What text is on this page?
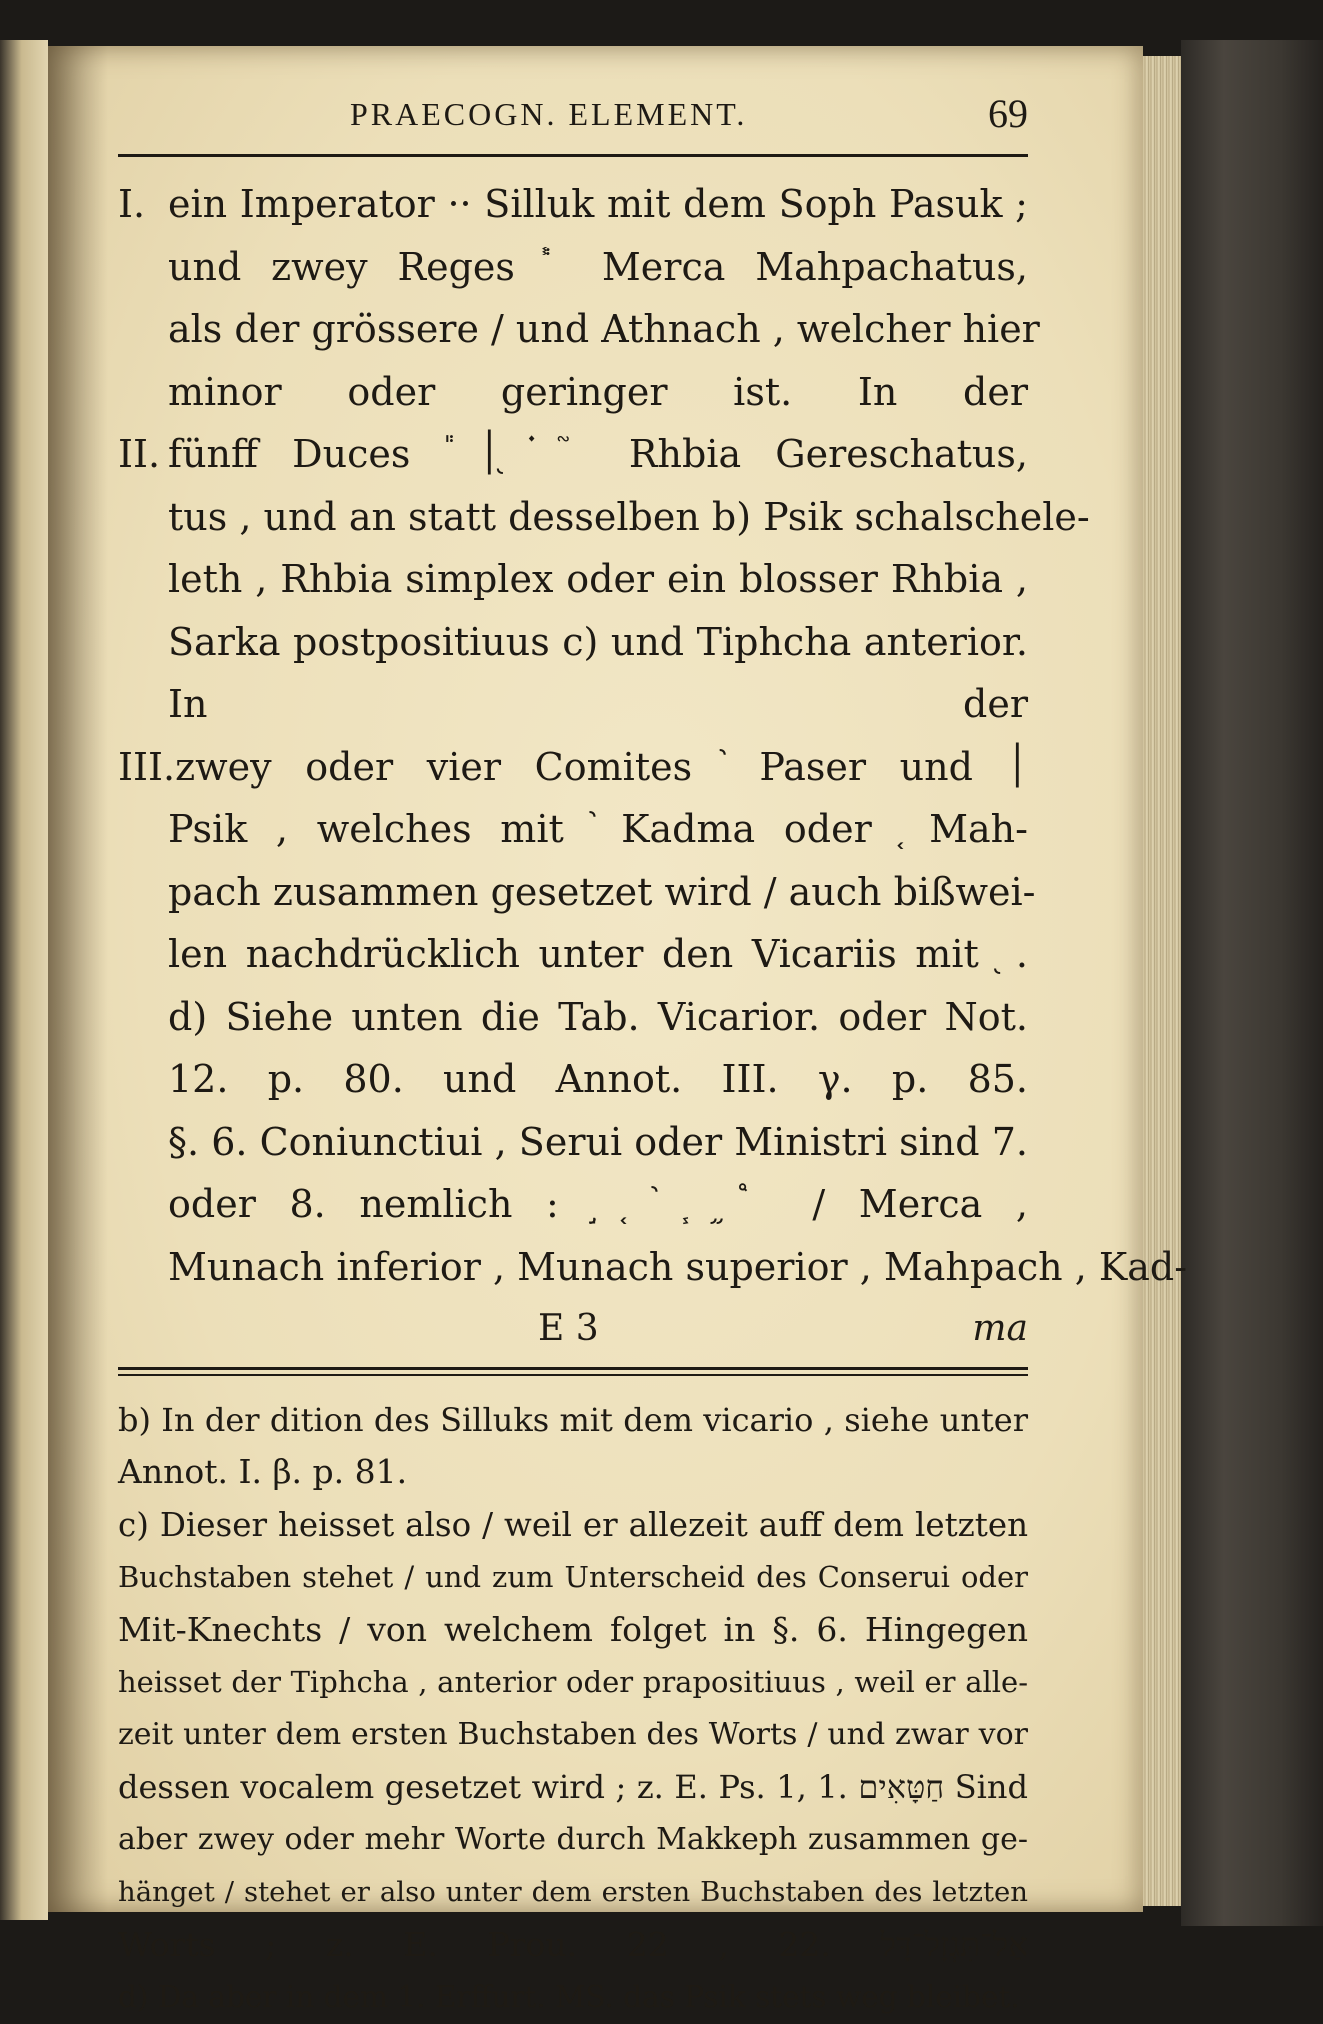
PRAECOGN. ELEMENT.	69
I. ein Imperator ·· Silluk mit dem Soph Pasuk ;
und zwey Reges ֓ ֔ Merca Mahpachatus,
als der grössere / und Athnach , welcher hier
minor oder geringer ist. In der
II. fünff Duces ֕ ׀ ֖ ֗ ֘ Rhbia Gereschatus,
tus , und an statt desselben b) Psik schalschele-
leth , Rhbia simplex oder ein blosser Rhbia ,
Sarka postpositiuus c) und Tiphcha anterior.
In der
III. zwey oder vier Comites ֙ Paser und ׀
Psik , welches mit ֨ Kadma oder ֤ Mah-
pach zusammen gesetzet wird / auch bißwei-
len nachdrücklich unter den Vicariis mit ֖ .
d) Siehe unten die Tab. Vicarior. oder Not.
12. p. 80. und Annot. III. γ. p. 85.
§. 6. Coniunctiui , Serui oder Ministri sind 7.
oder 8. nemlich : ֥ ֣ ֤ ֨ ֧ ֦ ֩ / Merca ,
Munach inferior , Munach superior , Mahpach , Kad-
E 3	ma
b) In der dition des Silluks mit dem vicario , siehe unter
Annot. I. β. p. 81.
c) Dieser heisset also / weil er allezeit auff dem letzten
Buchstaben stehet / und zum Unterscheid des Conserui oder
Mit-Knechts / von welchem folget in §. 6. Hingegen
heisset der Tiphcha , anterior oder prapositiuus , weil er alle-
zeit unter dem ersten Buchstaben des Worts / und zwar vor
dessen vocalem gesetzet wird ; z. E. Ps. 1, 1. חַטָּאִים Sind
aber zwey oder mehr Worte durch Makkeph zusammen ge-
hänget / stehet er also unter dem ersten Buchstaben des letzten
Worts ; z. E. Prou. 22 , 22. אַל־תִּגְזָל־דָּל
d) Da aber in dem 1. Erffurt. MS. das Psik stets weg bleibet.
